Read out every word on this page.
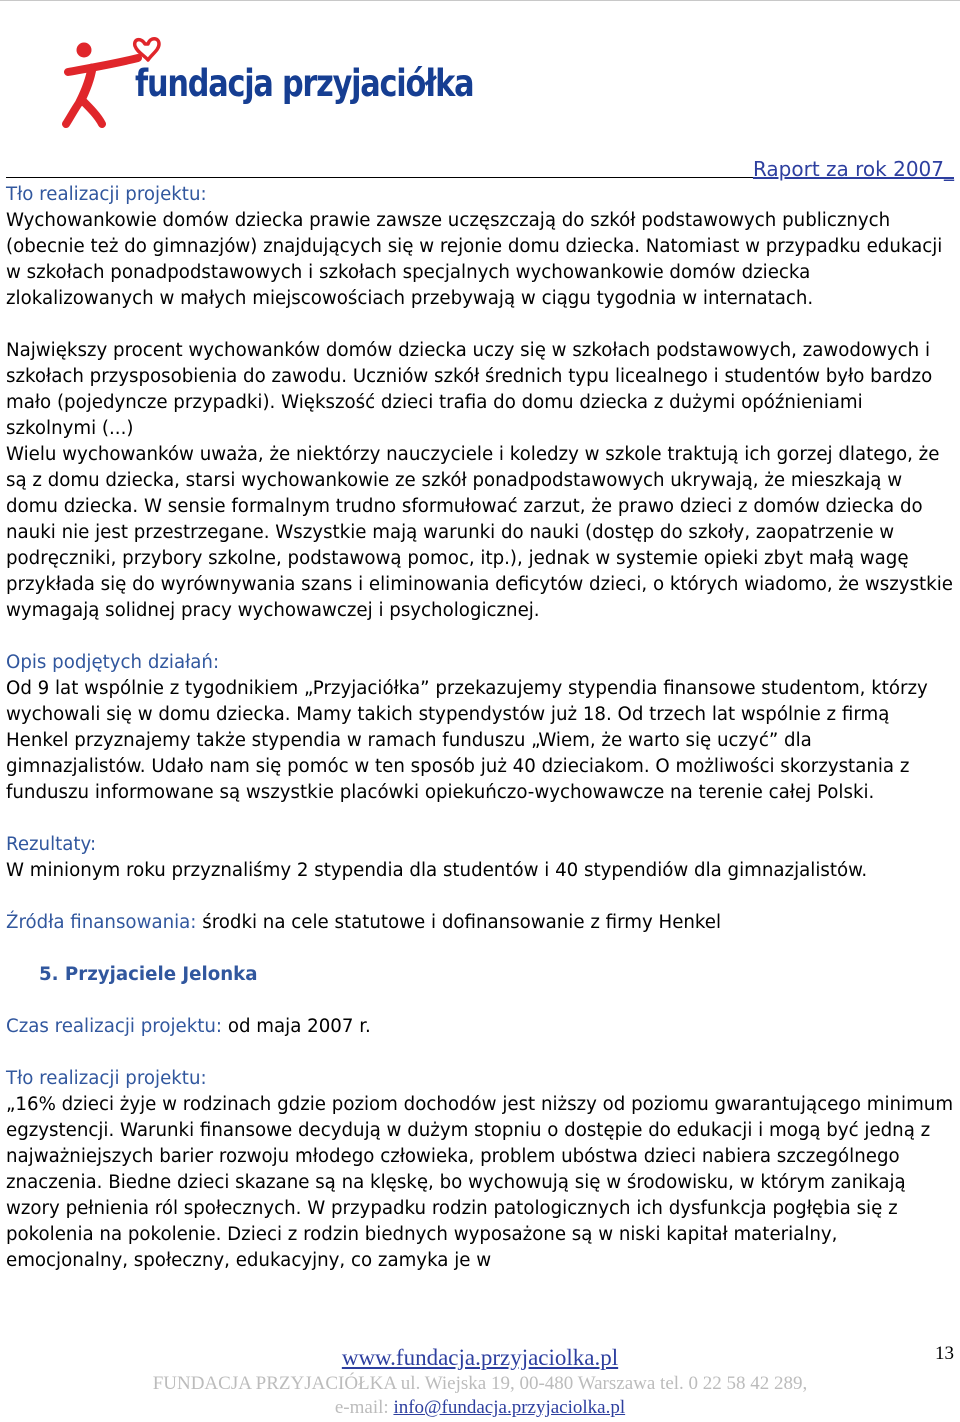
fundacja przyjaciółka

Raport za rok 2007_

Tło realizacji projektu:

Wychowankowie domów dziecka prawie zawsze uczęszczają do szkół podstawowych publicznych (obecnie też do gimnazjów) znajdujących się w rejonie domu dziecka. Natomiast w przypadku edukacji w szkołach ponadpodstawowych i szkołach specjalnych wychowankowie domów dziecka zlokalizowanych w małych miejscowościach przebywają w ciągu tygodnia w internatach.

Największy procent wychowanków domów dziecka uczy się w szkołach podstawowych, zawodowych i szkołach przysposobienia do zawodu. Uczniów szkół średnich typu licealnego i studentów było bardzo mało (pojedyncze przypadki). Większość dzieci trafia do domu dziecka z dużymi opóźnieniami szkolnymi (...)

Wielu wychowanków uważa, że niektórzy nauczyciele i koledzy w szkole traktują ich gorzej dlatego, że są z domu dziecka, starsi wychowankowie ze szkół ponadpodstawowych ukrywają, że mieszkają w domu dziecka. W sensie formalnym trudno sformułować zarzut, że prawo dzieci z domów dziecka do nauki nie jest przestrzegane. Wszystkie mają warunki do nauki (dostęp do szkoły, zaopatrzenie w podręczniki, przybory szkolne, podstawową pomoc, itp.), jednak w systemie opieki zbyt małą wagę przykłada się do wyrównywania szans i eliminowania deficytów dzieci, o których wiadomo, że wszystkie wymagają solidnej pracy wychowawczej i psychologicznej.

Opis podjętych działań:

Od 9 lat wspólnie z tygodnikiem „Przyjaciółka” przekazujemy stypendia finansowe studentom, którzy wychowali się w domu dziecka. Mamy takich stypendystów już 18. Od trzech lat wspólnie z firmą Henkel przyznajemy także stypendia w ramach funduszu „Wiem, że warto się uczyć” dla gimnazjalistów. Udało nam się pomóc w ten sposób już 40 dzieciakom. O możliwości skorzystania z funduszu informowane są wszystkie placówki opiekuńczo-wychowawcze na terenie całej Polski.

Rezultaty:

W minionym roku przyznaliśmy 2 stypendia dla studentów i 40 stypendiów dla gimnazjalistów.

Źródła finansowania: środki na cele statutowe i dofinansowanie z firmy Henkel

5. Przyjaciele Jelonka

Czas realizacji projektu: od maja 2007 r.

Tło realizacji projektu:

„16% dzieci żyje w rodzinach gdzie poziom dochodów jest niższy od poziomu gwarantującego minimum egzystencji. Warunki finansowe decydują w dużym stopniu o dostępie do edukacji i mogą być jedną z najważniejszych barier rozwoju młodego człowieka, problem ubóstwa dzieci nabiera szczególnego znaczenia. Biedne dzieci skazane są na klęskę, bo wychowują się w środowisku, w którym zanikają wzory pełnienia ról społecznych. W przypadku rodzin patologicznych ich dysfunkcja pogłębia się z pokolenia na pokolenie. Dzieci z rodzin biednych wyposażone są w niski kapitał materialny, emocjonalny, społeczny, edukacyjny, co zamyka je w

13
www.fundacja.przyjaciolka.pl
FUNDACJA PRZYJACIÓŁKA ul. Wiejska 19, 00-480 Warszawa tel. 0 22 58 42 289,
e-mail: info@fundacja.przyjaciolka.pl
